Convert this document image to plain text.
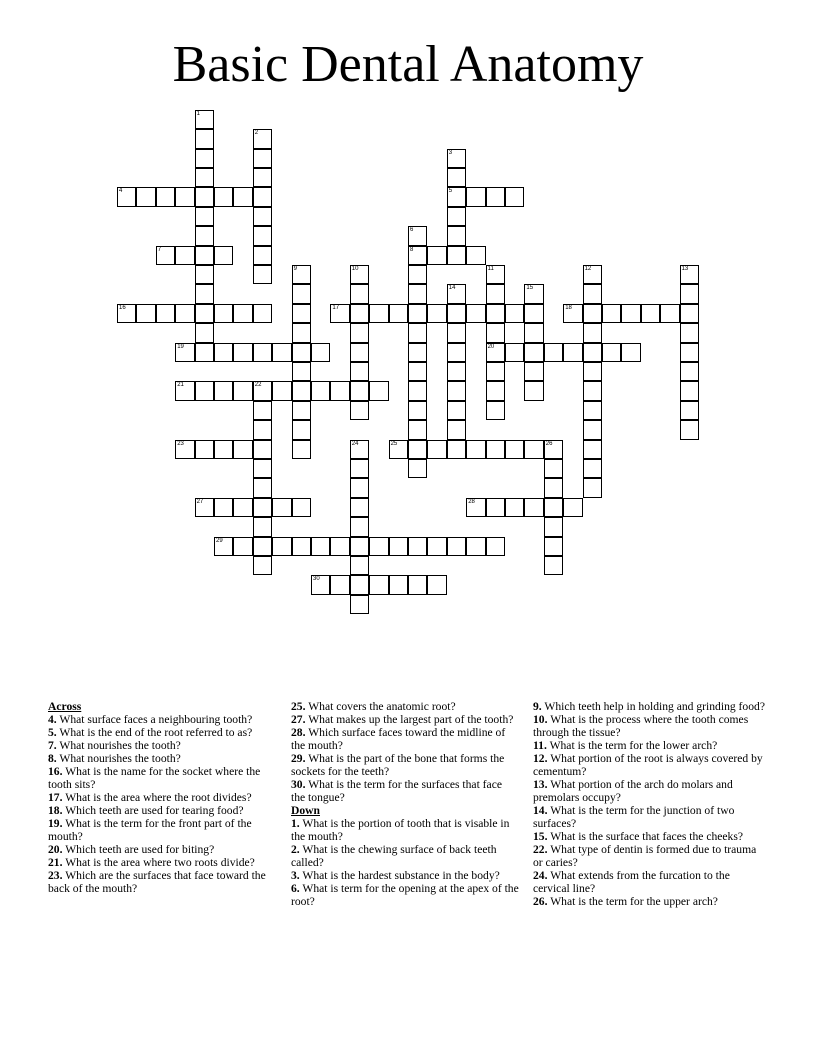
Basic Dental Anatomy
1
2
3
5
4
6
8
7
9	10	11
20
12	13
14	15
16	17	18
19
21	22
23	24	25	26
27	28
29
30
Across
4. What surface faces a neighbouring tooth?
5. What is the end of the root referred to as?
7. What nourishes the tooth?
8. What nourishes the tooth?
16. What is the name for the socket where the tooth sits?
17. What is the area where the root divides?
18. Which teeth are used for tearing food?
19. What is the term for the front part of the mouth?
20. Which teeth are used for biting?
21. What is the area where two roots divide?
23. Which are the surfaces that face toward the back of the mouth?
25. What covers the anatomic root?
27. What makes up the largest part of the tooth?
28. Which surface faces toward the midline of the mouth?
29. What is the part of the bone that forms the sockets for the teeth?
30. What is the term for the surfaces that face the tongue?
Down
1. What is the portion of tooth that is visable in the mouth?
2. What is the chewing surface of back teeth called?
3. What is the hardest substance in the body?
6. What is term for the opening at the apex of the root?
9. Which teeth help in holding and grinding food?
10. What is the process where the tooth comes through the tissue?
11. What is the term for the lower arch?
12. What portion of the root is always covered by cementum?
13. What portion of the arch do molars and premolars occupy?
14. What is the term for the junction of two surfaces?
15. What is the surface that faces the cheeks?
22. What type of dentin is formed due to trauma or caries?
24. What extends from the furcation to the cervical line?
26. What is the term for the upper arch?
